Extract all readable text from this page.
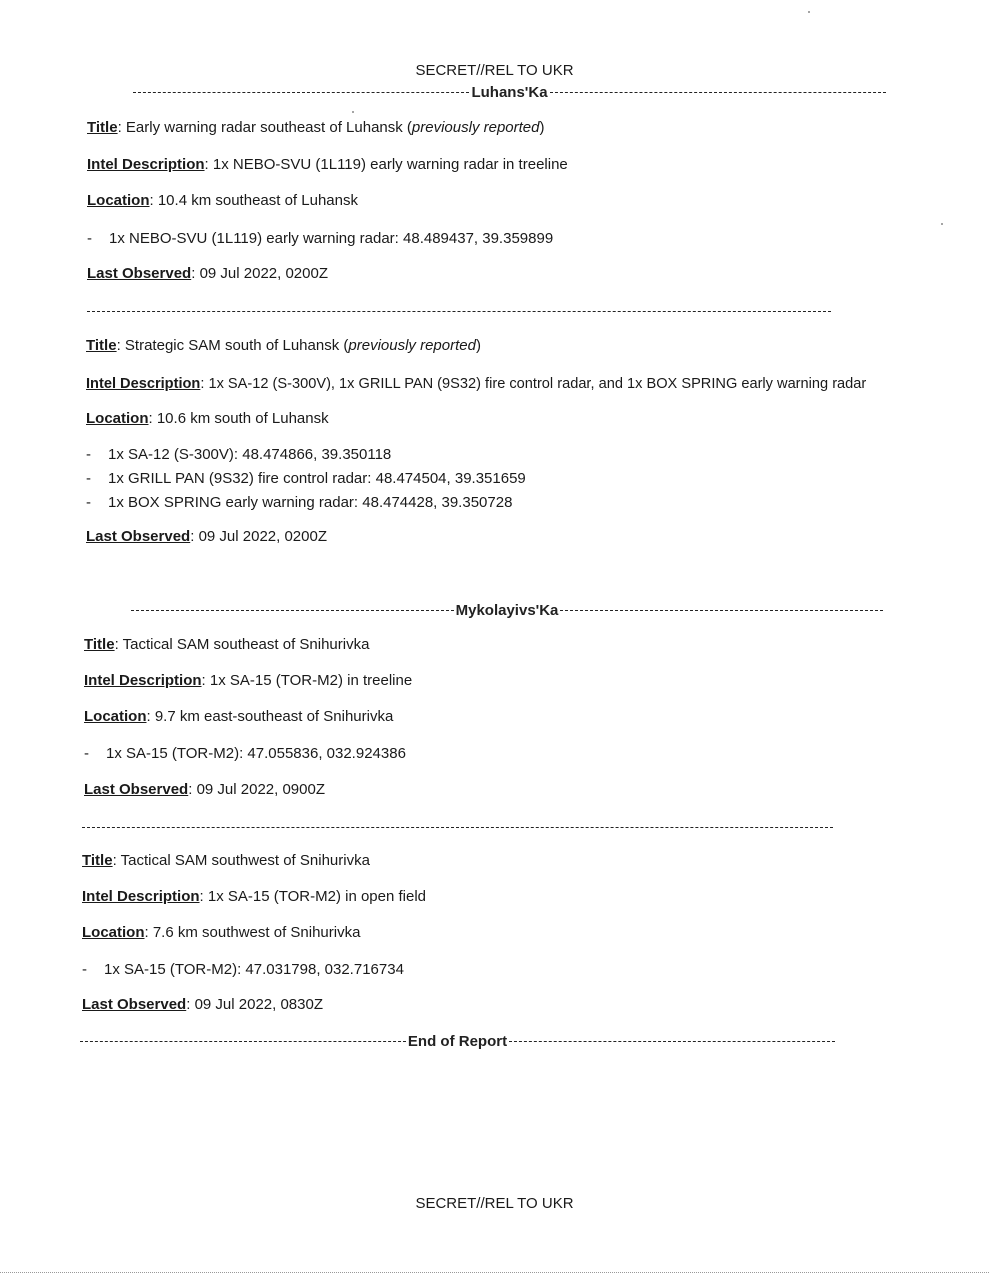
SECRET//REL TO UKR
Luhans'Ka
Title: Early warning radar southeast of Luhansk (previously reported)
Intel Description: 1x NEBO-SVU (1L119) early warning radar in treeline
Location: 10.4 km southeast of Luhansk
- 1x NEBO-SVU (1L119) early warning radar: 48.489437, 39.359899
Last Observed: 09 Jul 2022, 0200Z
Title: Strategic SAM south of Luhansk (previously reported)
Intel Description: 1x SA-12 (S-300V), 1x GRILL PAN (9S32) fire control radar, and 1x BOX SPRING early warning radar
Location: 10.6 km south of Luhansk
- 1x SA-12 (S-300V): 48.474866, 39.350118
- 1x GRILL PAN (9S32) fire control radar: 48.474504, 39.351659
- 1x BOX SPRING early warning radar: 48.474428, 39.350728
Last Observed: 09 Jul 2022, 0200Z
Mykolayivs'Ka
Title: Tactical SAM southeast of Snihurivka
Intel Description: 1x SA-15 (TOR-M2) in treeline
Location: 9.7 km east-southeast of Snihurivka
- 1x SA-15 (TOR-M2): 47.055836, 032.924386
Last Observed: 09 Jul 2022, 0900Z
Title: Tactical SAM southwest of Snihurivka
Intel Description: 1x SA-15 (TOR-M2) in open field
Location: 7.6 km southwest of Snihurivka
- 1x SA-15 (TOR-M2): 47.031798, 032.716734
Last Observed: 09 Jul 2022, 0830Z
End of Report
SECRET//REL TO UKR
